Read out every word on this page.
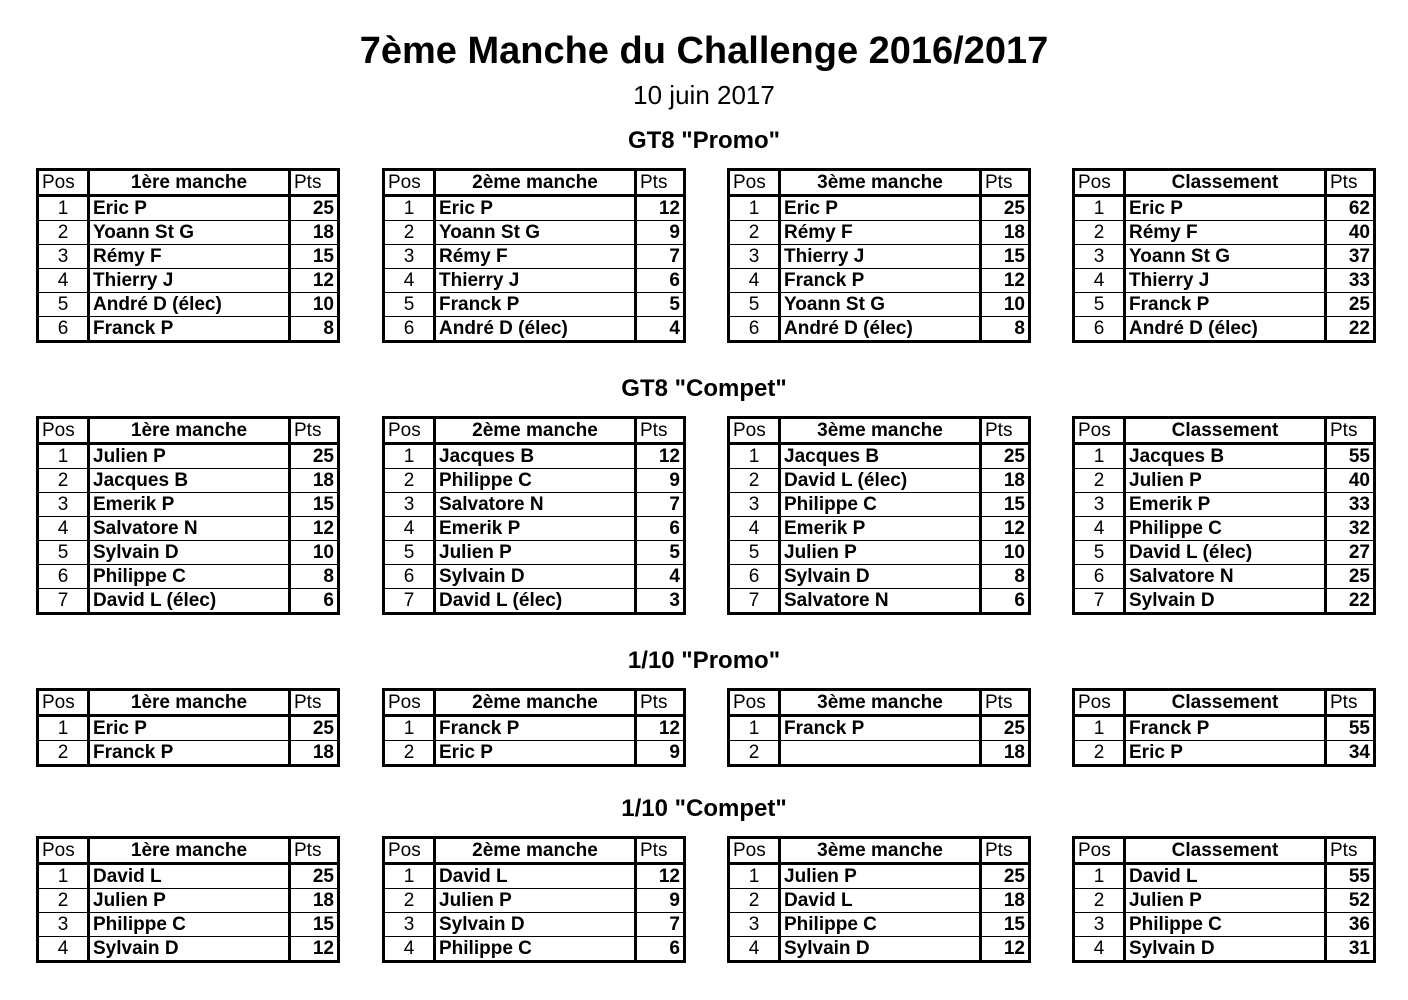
7ème Manche du Challenge 2016/2017
10 juin 2017
GT8 "Promo"
Pos	1ère manche	Pts
1	Eric P	25
2	Yoann St G	18
3	Rémy F	15
4	Thierry J	12
5	André D (élec)	10
6	Franck P	8
Pos	2ème manche	Pts
1	Eric P	12
2	Yoann St G	9
3	Rémy F	7
4	Thierry J	6
5	Franck P	5
6	André D (élec)	4
Pos	3ème manche	Pts
1	Eric P	25
2	Rémy F	18
3	Thierry J	15
4	Franck P	12
5	Yoann St G	10
6	André D (élec)	8
Pos	Classement	Pts
1	Eric P	62
2	Rémy F	40
3	Yoann St G	37
4	Thierry J	33
5	Franck P	25
6	André D (élec)	22
GT8 "Compet"
Pos	1ère manche	Pts
1	Julien P	25
2	Jacques B	18
3	Emerik P	15
4	Salvatore N	12
5	Sylvain D	10
6	Philippe C	8
7	David L (élec)	6
Pos	2ème manche	Pts
1	Jacques B	12
2	Philippe C	9
3	Salvatore N	7
4	Emerik P	6
5	Julien P	5
6	Sylvain D	4
7	David L (élec)	3
Pos	3ème manche	Pts
1	Jacques B	25
2	David L (élec)	18
3	Philippe C	15
4	Emerik P	12
5	Julien P	10
6	Sylvain D	8
7	Salvatore N	6
Pos	Classement	Pts
1	Jacques B	55
2	Julien P	40
3	Emerik P	33
4	Philippe C	32
5	David L (élec)	27
6	Salvatore N	25
7	Sylvain D	22
1/10 "Promo"
Pos	1ère manche	Pts
1	Eric P	25
2	Franck P	18
Pos	2ème manche	Pts
1	Franck P	12
2	Eric P	9
Pos	3ème manche	Pts
1	Franck P	25
2		18
Pos	Classement	Pts
1	Franck P	55
2	Eric P	34
1/10 "Compet"
Pos	1ère manche	Pts
1	David L	25
2	Julien P	18
3	Philippe C	15
4	Sylvain D	12
Pos	2ème manche	Pts
1	David L	12
2	Julien P	9
3	Sylvain D	7
4	Philippe C	6
Pos	3ème manche	Pts
1	Julien P	25
2	David L	18
3	Philippe C	15
4	Sylvain D	12
Pos	Classement	Pts
1	David L	55
2	Julien P	52
3	Philippe C	36
4	Sylvain D	31
